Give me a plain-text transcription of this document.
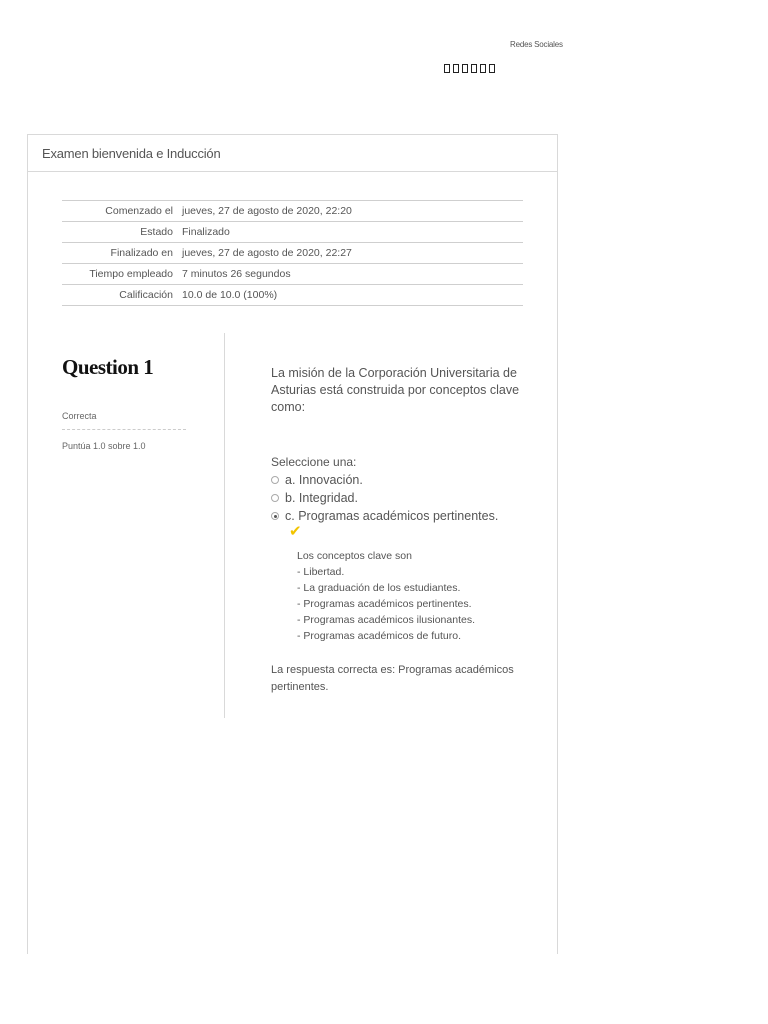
Redes Sociales
Examen bienvenida e Inducción
Comenzado el	jueves, 27 de agosto de 2020, 22:20
Estado	Finalizado
Finalizado en	jueves, 27 de agosto de 2020, 22:27
Tiempo empleado	7 minutos 26 segundos
Calificación	10.0 de 10.0 (100%)
Question 1
Correcta
Puntúa 1.0 sobre 1.0
La misión de la Corporación Universitaria de Asturias está construida por conceptos clave como:
Seleccione una:
a. Innovación.
b. Integridad.
c. Programas académicos pertinentes.
✔
Los conceptos clave son
- Libertad.
- La graduación de los estudiantes.
- Programas académicos pertinentes.
- Programas académicos ilusionantes.
- Programas académicos de futuro.
La respuesta correcta es: Programas académicos pertinentes.
